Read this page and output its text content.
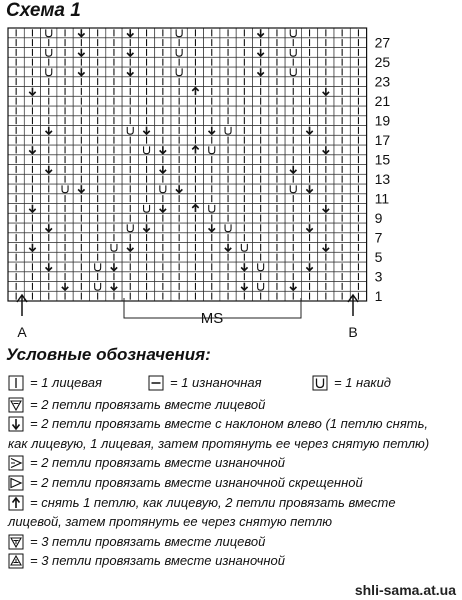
Схема 1
1
3
5
7
9
11
13
15
17
19
21
23
25
27
MS
A	B
Условные обозначения:
= 1 лицевая	= 1 изнаночная	= 1 накид
= 2 петли провязать вместе лицевой
= 2 петли провязать вместе с наклоном влево (1 петлю снять,
как лицевую, 1 лицевая, затем протянуть ее через снятую петлю)
= 2 петли провязать вместе изнаночной
= 2 петли провязать вместе изнаночной скрещенной
= снять 1 петлю, как лицевую, 2 петли провязать вместе
лицевой, затем протянуть ее через снятую петлю
= 3 петли провязать вместе лицевой
= 3 петли провязать вместе изнаночной
shli-sama.at.ua
